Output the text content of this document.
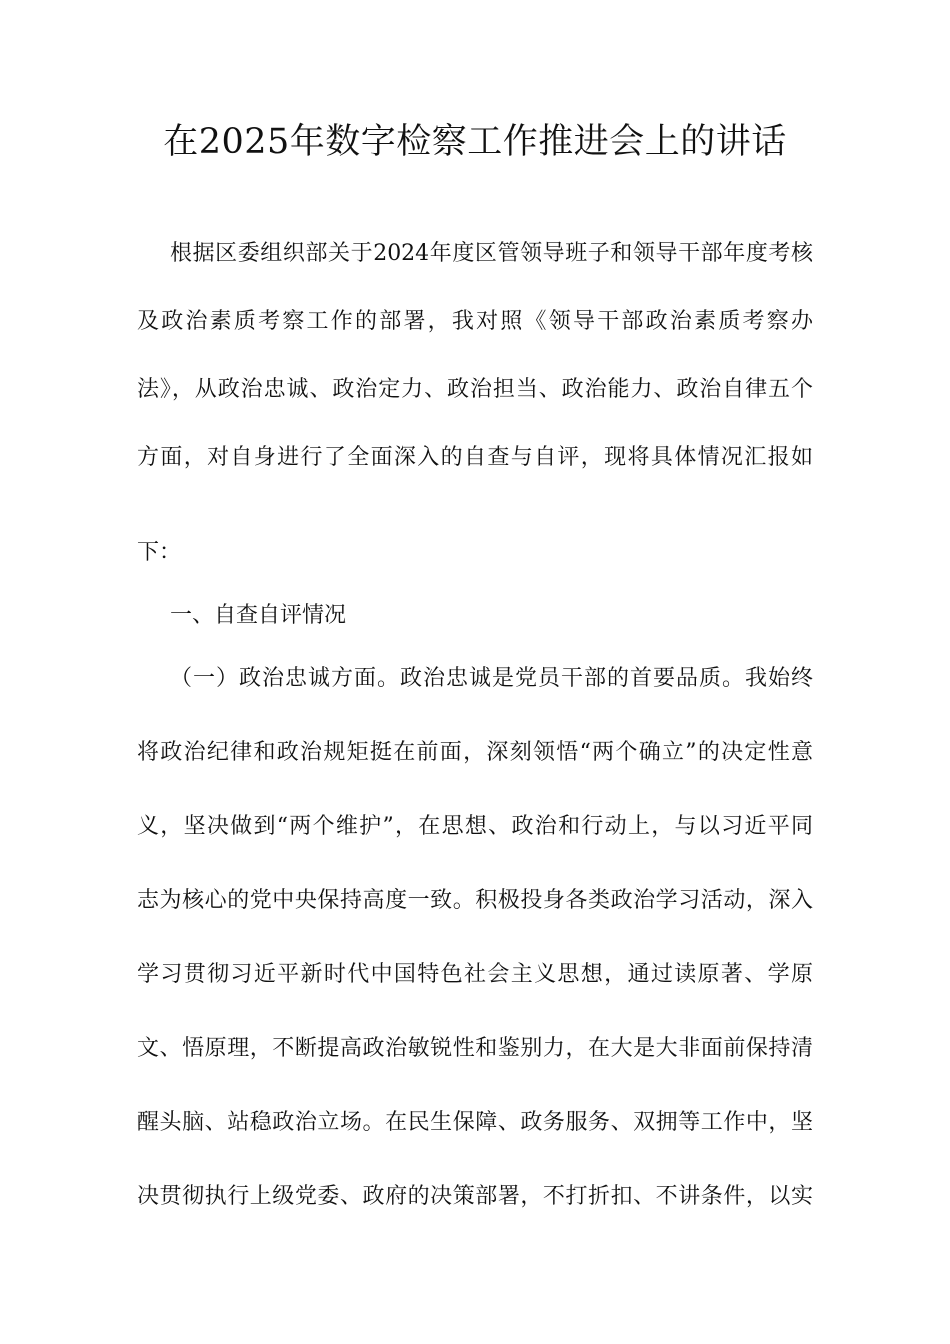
在2025年数字检察工作推进会上的讲话
根据区委组织部关于2024年度区管领导班子和领导干部年度考核
及政治素质考察工作的部署，我对照《领导干部政治素质考察办
法》，从政治忠诚、政治定力、政治担当、政治能力、政治自律五个
方面，对自身进行了全面深入的自查与自评，现将具体情况汇报如
下：
一、自查自评情况
（一）政治忠诚方面。政治忠诚是党员干部的首要品质。我始终
将政治纪律和政治规矩挺在前面，深刻领悟“两个确立”的决定性意
义，坚决做到“两个维护”，在思想、政治和行动上，与以习近平同
志为核心的党中央保持高度一致。积极投身各类政治学习活动，深入
学习贯彻习近平新时代中国特色社会主义思想，通过读原著、学原
文、悟原理，不断提高政治敏锐性和鉴别力，在大是大非面前保持清
醒头脑、站稳政治立场。在民生保障、政务服务、双拥等工作中，坚
决贯彻执行上级党委、政府的决策部署，不打折扣、不讲条件，以实
